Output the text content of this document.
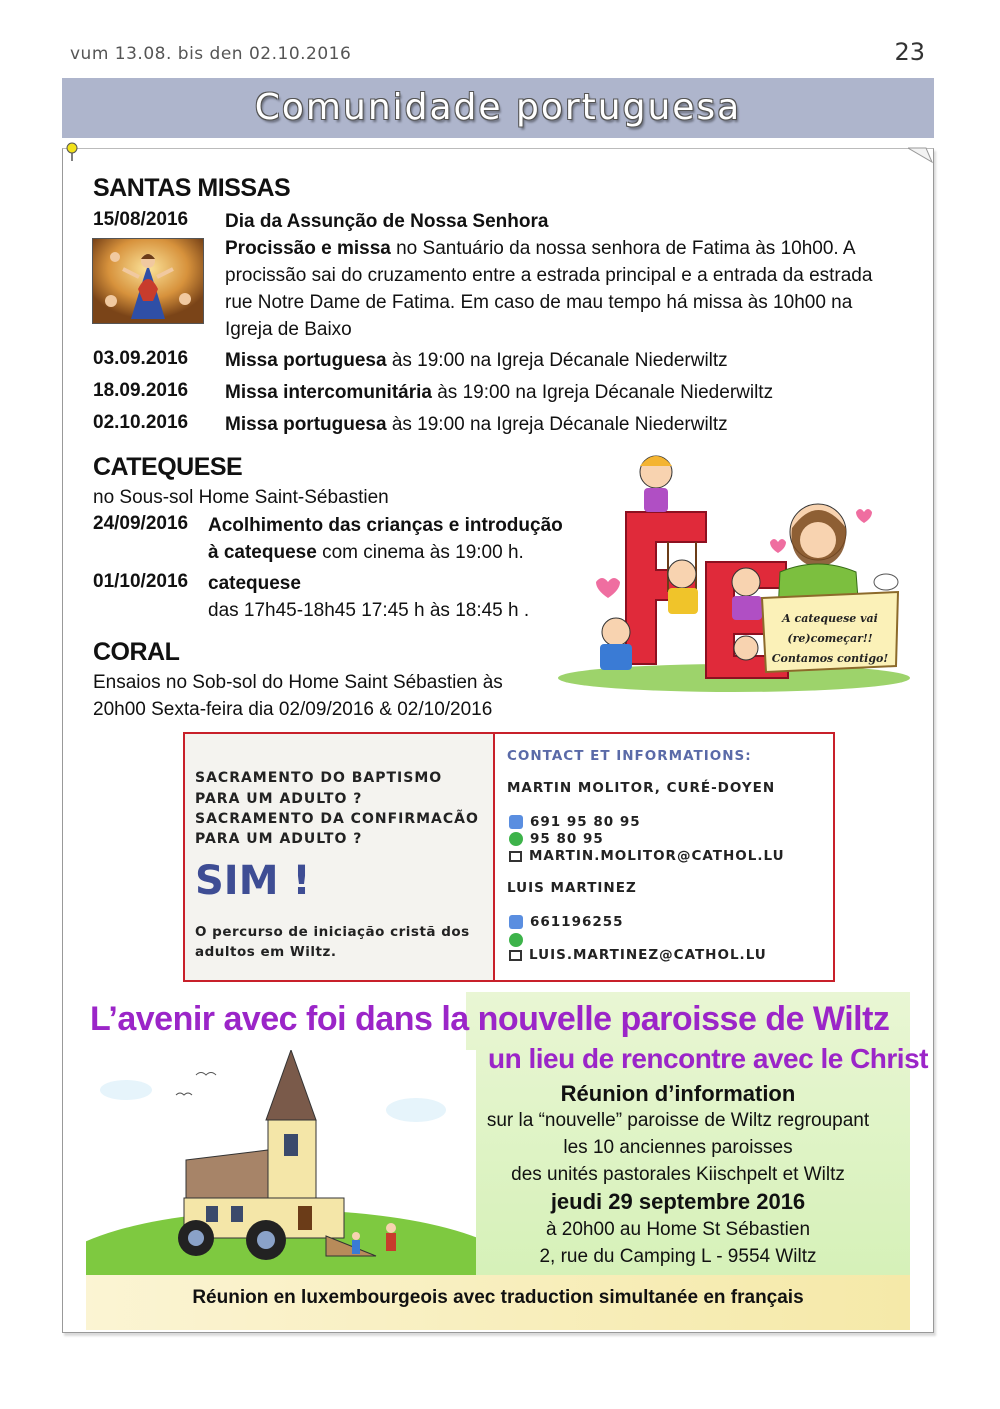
vum 13.08. bis den 02.10.2016	23
Comunidade portuguesa
SANTAS MISSAS
15/08/2016 Dia da Assunção de Nossa Senhora
Procissão e missa no Santuário da nossa senhora de Fatima às 10h00. A procissão sai do cruzamento entre a estrada principal e a entrada da estrada rue Notre Dame de Fatima. Em caso de mau tempo há missa às 10h00 na Igreja de Baixo
03.09.2016 Missa portuguesa às 19:00 na Igreja Décanale Niederwiltz
18.09.2016 Missa intercomunitária às 19:00 na Igreja Décanale Niederwiltz
02.10.2016 Missa portuguesa às 19:00 na Igreja Décanale Niederwiltz
CATEQUESE
no Sous-sol Home Saint-Sébastien
24/09/2016 Acolhimento das crianças e introdução
à catequese com cinema às 19:00 h.
01/10/2016 catequese
das 17h45-18h45 17:45 h às 18:45 h .	A catequese vai
(re)começar!!
Contamos contigo!
CORAL
Ensaios no Sob-sol do Home Saint Sébastien às
20h00 Sexta-feira dia 02/09/2016 & 02/10/2016
SACRAMENTO DO BAPTISMO
PARA UM ADULTO ?
SACRAMENTO DA CONFIRMACÃO
PARA UM ADULTO ?
SIM !
O percurso de iniciação cristã dos
adultos em Wiltz.
CONTACT ET INFORMATIONS:
MARTIN MOLITOR, CURÉ-DOYEN
691 95 80 95
95 80 95
MARTIN.MOLITOR@CATHOL.LU
LUIS MARTINEZ
661196255
LUIS.MARTINEZ@CATHOL.LU
L’avenir avec foi dans la nouvelle paroisse de Wiltz
un lieu de rencontre avec le Christ
Réunion d’information
sur la “nouvelle” paroisse de Wiltz regroupant
les 10 anciennes paroisses
des unités pastorales Kiischpelt et Wiltz
jeudi 29 septembre 2016
à 20h00 au Home St Sébastien
2, rue du Camping L - 9554 Wiltz
Réunion en luxembourgeois avec traduction simultanée en français
